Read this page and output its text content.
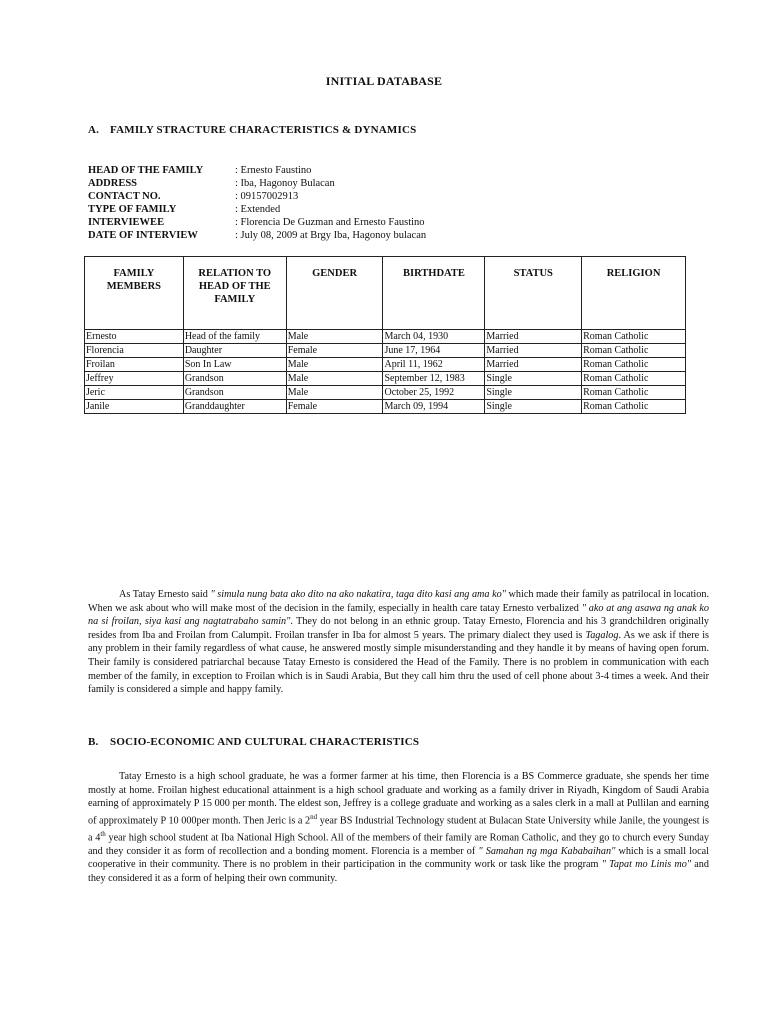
INITIAL DATABASE
A. FAMILY STRACTURE CHARACTERISTICS & DYNAMICS
HEAD OF THE FAMILY	: Ernesto Faustino
ADDRESS	: Iba, Hagonoy Bulacan
CONTACT NO.	: 09157002913
TYPE OF FAMILY	: Extended
INTERVIEWEE	: Florencia De Guzman and Ernesto Faustino
DATE OF INTERVIEW	: July 08, 2009 at Brgy Iba, Hagonoy bulacan
FAMILY MEMBERS	RELATION TO HEAD OF THE FAMILY	GENDER	BIRTHDATE	STATUS	RELIGION
Ernesto	Head of the family	Male	March 04, 1930	Married	Roman Catholic
Florencia	Daughter	Female	June 17, 1964	Married	Roman Catholic
Froilan	Son In Law	Male	April 11, 1962	Married	Roman Catholic
Jeffrey	Grandson	Male	September 12, 1983	Single	Roman Catholic
Jeric	Grandson	Male	October 25, 1992	Single	Roman Catholic
Janile	Granddaughter	Female	March 09, 1994	Single	Roman Catholic

As Tatay Ernesto said " simula nung bata ako dito na ako nakatira, taga dito kasi ang ama ko" which made their family as patrilocal in location. When we ask about who will make most of the decision in the family, especially in health care tatay Ernesto verbalized " ako at ang asawa ng anak ko na si froilan, siya kasi ang nagtatrabaho samin". They do not belong in an ethnic group. Tatay Ernesto, Florencia and his 3 grandchildren originally resides from Iba and Froilan from Calumpit. Froilan transfer in Iba for almost 5 years. The primary dialect they used is Tagalog. As we ask if there is any problem in their family regardless of what cause, he answered mostly simple misunderstanding and they handle it by means of having open forum. Their family is considered patriarchal because Tatay Ernesto is considered the Head of the Family. There is no problem in communication with each member of the family, in exception to Froilan which is in Saudi Arabia, But they call him thru the used of cell phone about 3-4 times a week. And their family is considered a simple and happy family.

B. SOCIO-ECONOMIC AND CULTURAL CHARACTERISTICS

Tatay Ernesto is a high school graduate, he was a former farmer at his time, then Florencia is a BS Commerce graduate, she spends her time mostly at home. Froilan highest educational attainment is a high school graduate and working as a family driver in Riyadh, Kingdom of Saudi Arabia earning of approximately P 15 000 per month. The eldest son, Jeffrey is a college graduate and working as a sales clerk in a mall at Pullilan and earning of approximately P 10 000per month. Then Jeric is a 2nd year BS Industrial Technology student at Bulacan State University while Janile, the youngest is a 4th year high school student at Iba National High School. All of the members of their family are Roman Catholic, and they go to church every Sunday and they consider it as form of recollection and a bonding moment. Florencia is a member of " Samahan ng mga Kababaihan" which is a small local cooperative in their community. There is no problem in their participation in the community work or task like the program " Tapat mo Linis mo" and they considered it as a form of helping their own community.
